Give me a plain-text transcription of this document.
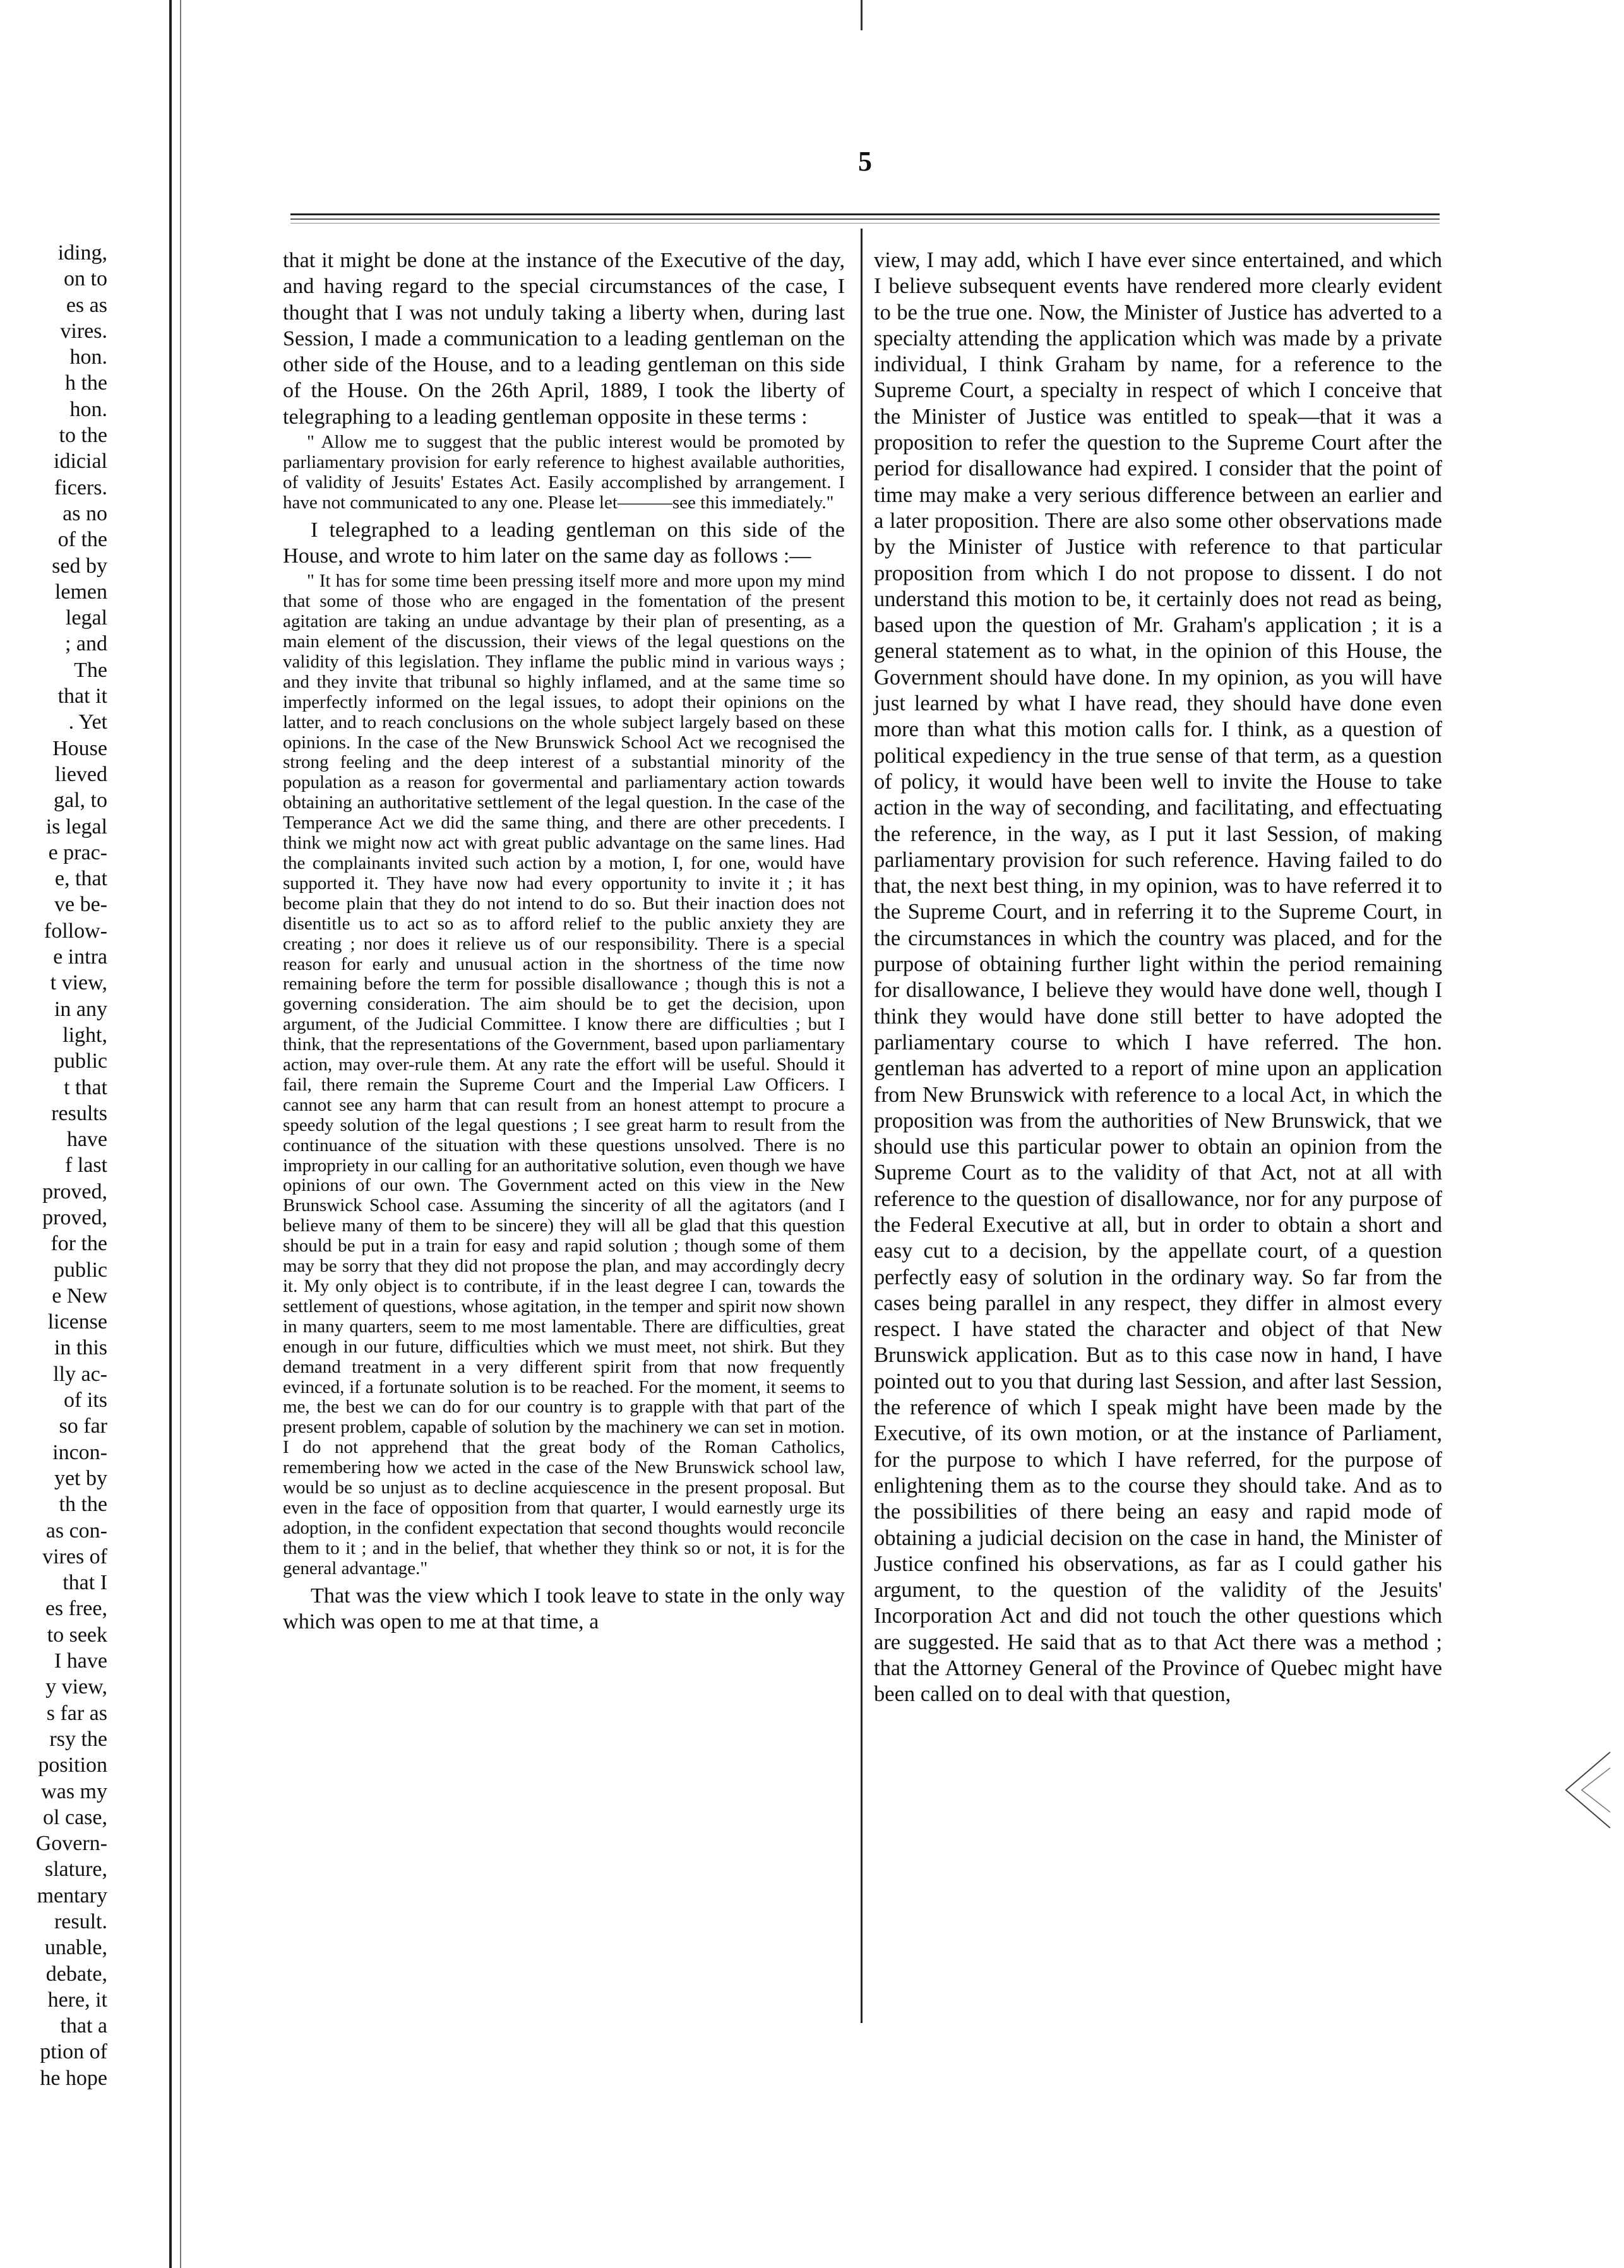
iding,
on to
es as
vires.
hon.
h the
hon.
to the
idicial
ficers.
as no
of the
sed by
lemen
legal
; and
The
that it
. Yet
House
lieved
gal, to
is legal
e prac-
e, that
ve be-
follow-
e intra
t view,
in any
light,
public
t that
results
have
f last
proved,
proved,
for the
public
e New
license
in this
lly ac-
of its
so far
incon-
yet by
th the
as con-
vires of
that I
es free,
to seek
I have
y view,
s far as
rsy the
position
was my
ol case,
Govern-
slature,
mentary
result.
unable,
debate,
here, it
that a
ption of
he hope
5

that it might be done at the instance of the Executive of the day, and having regard to the special circumstances of the case, I thought that I was not unduly taking a liberty when, during last Session, I made a communication to a leading gentleman on the other side of the House, and to a leading gentleman on this side of the House. On the 26th April, 1889, I took the liberty of telegraphing to a leading gentleman opposite in these terms :

" Allow me to suggest that the public interest would be promoted by parliamentary provision for early reference to highest available authorities, of validity of Jesuits' Estates Act. Easily accomplished by arrangement. I have not communicated to any one. Please let———see this immediately."

I telegraphed to a leading gentleman on this side of the House, and wrote to him later on the same day as follows :—

" It has for some time been pressing itself more and more upon my mind that some of those who are engaged in the fomentation of the present agitation are taking an undue advantage by their plan of presenting, as a main element of the discussion, their views of the legal questions on the validity of this legislation. They inflame the public mind in various ways ; and they invite that tribunal so highly inflamed, and at the same time so imperfectly informed on the legal issues, to adopt their opinions on the latter, and to reach conclusions on the whole subject largely based on these opinions. In the case of the New Brunswick School Act we recognised the strong feeling and the deep interest of a substantial minority of the population as a reason for govermental and parliamentary action towards obtaining an authoritative settlement of the legal question. In the case of the Temperance Act we did the same thing, and there are other precedents. I think we might now act with great public advantage on the same lines. Had the complainants invited such action by a motion, I, for one, would have supported it. They have now had every opportunity to invite it ; it has become plain that they do not intend to do so. But their inaction does not disentitle us to act so as to afford relief to the public anxiety they are creating ; nor does it relieve us of our responsibility. There is a special reason for early and unusual action in the shortness of the time now remaining before the term for possible disallowance ; though this is not a governing consideration. The aim should be to get the decision, upon argument, of the Judicial Committee. I know there are difficulties ; but I think, that the representations of the Government, based upon parliamentary action, may over-rule them. At any rate the effort will be useful. Should it fail, there remain the Supreme Court and the Imperial Law Officers. I cannot see any harm that can result from an honest attempt to procure a speedy solution of the legal questions ; I see great harm to result from the continuance of the situation with these questions unsolved. There is no impropriety in our calling for an authoritative solution, even though we have opinions of our own. The Government acted on this view in the New Brunswick School case. Assuming the sincerity of all the agitators (and I believe many of them to be sincere) they will all be glad that this question should be put in a train for easy and rapid solution ; though some of them may be sorry that they did not propose the plan, and may accordingly decry it. My only object is to contribute, if in the least degree I can, towards the settlement of questions, whose agitation, in the temper and spirit now shown in many quarters, seem to me most lamentable. There are difficulties, great enough in our future, difficulties which we must meet, not shirk. But they demand treatment in a very different spirit from that now frequently evinced, if a fortunate solution is to be reached. For the moment, it seems to me, the best we can do for our country is to grapple with that part of the present problem, capable of solution by the machinery we can set in motion. I do not apprehend that the great body of the Roman Catholics, remembering how we acted in the case of the New Brunswick school law, would be so unjust as to decline acquiescence in the present proposal. But even in the face of opposition from that quarter, I would earnestly urge its adoption, in the confident expectation that second thoughts would reconcile them to it ; and in the belief, that whether they think so or not, it is for the general advantage."

That was the view which I took leave to state in the only way which was open to me at that time, a

view, I may add, which I have ever since entertained, and which I believe subsequent events have rendered more clearly evident to be the true one. Now, the Minister of Justice has adverted to a specialty attending the application which was made by a private individual, I think Graham by name, for a reference to the Supreme Court, a specialty in respect of which I conceive that the Minister of Justice was entitled to speak—that it was a proposition to refer the question to the Supreme Court after the period for disallowance had expired. I consider that the point of time may make a very serious difference between an earlier and a later proposition. There are also some other observations made by the Minister of Justice with reference to that particular proposition from which I do not propose to dissent. I do not understand this motion to be, it certainly does not read as being, based upon the question of Mr. Graham's application ; it is a general statement as to what, in the opinion of this House, the Government should have done. In my opinion, as you will have just learned by what I have read, they should have done even more than what this motion calls for. I think, as a question of political expediency in the true sense of that term, as a question of policy, it would have been well to invite the House to take action in the way of seconding, and facilitating, and effectuating the reference, in the way, as I put it last Session, of making parliamentary provision for such reference. Having failed to do that, the next best thing, in my opinion, was to have referred it to the Supreme Court, and in referring it to the Supreme Court, in the circumstances in which the country was placed, and for the purpose of obtaining further light within the period remaining for disallowance, I believe they would have done well, though I think they would have done still better to have adopted the parliamentary course to which I have referred. The hon. gentleman has adverted to a report of mine upon an application from New Brunswick with reference to a local Act, in which the proposition was from the authorities of New Brunswick, that we should use this particular power to obtain an opinion from the Supreme Court as to the validity of that Act, not at all with reference to the question of disallowance, nor for any purpose of the Federal Executive at all, but in order to obtain a short and easy cut to a decision, by the appellate court, of a question perfectly easy of solution in the ordinary way. So far from the cases being parallel in any respect, they differ in almost every respect. I have stated the character and object of that New Brunswick application. But as to this case now in hand, I have pointed out to you that during last Session, and after last Session, the reference of which I speak might have been made by the Executive, of its own motion, or at the instance of Parliament, for the purpose to which I have referred, for the purpose of enlightening them as to the course they should take. And as to the possibilities of there being an easy and rapid mode of obtaining a judicial decision on the case in hand, the Minister of Justice confined his observations, as far as I could gather his argument, to the question of the validity of the Jesuits' Incorporation Act and did not touch the other questions which are suggested. He said that as to that Act there was a method ; that the Attorney General of the Province of Quebec might have been called on to deal with that question,
